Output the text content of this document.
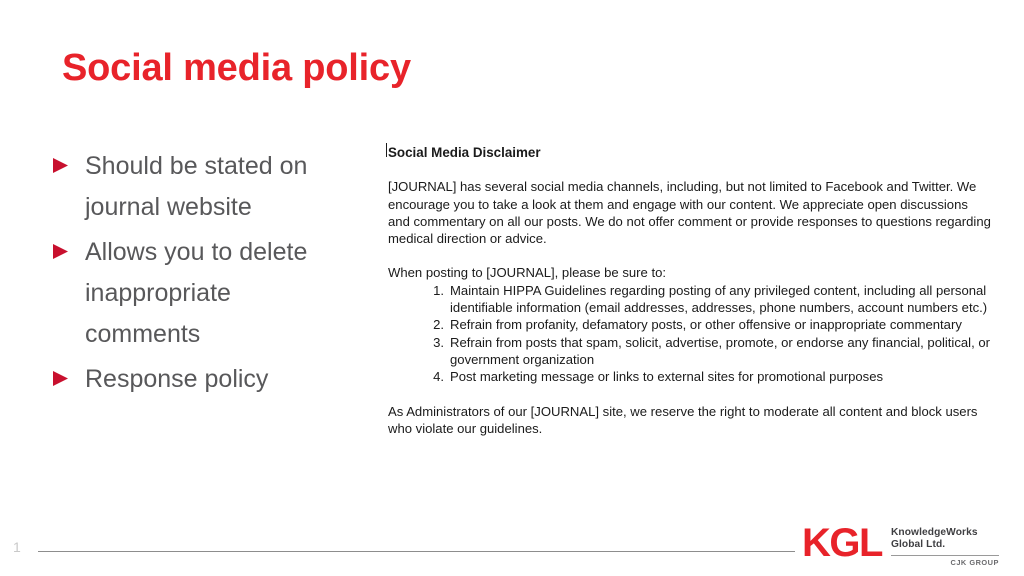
Social media policy
Should be stated on journal website
Allows you to delete inappropriate comments
Response policy
Social Media Disclaimer

[JOURNAL] has several social media channels, including, but not limited to Facebook and Twitter. We encourage you to take a look at them and engage with our content. We appreciate open discussions and commentary on all our posts. We do not offer comment or provide responses to questions regarding medical direction or advice.

When posting to [JOURNAL], please be sure to:

1. Maintain HIPPA Guidelines regarding posting of any privileged content, including all personal identifiable information (email addresses, addresses, phone numbers, account numbers etc.)
2. Refrain from profanity, defamatory posts, or other offensive or inappropriate commentary
3. Refrain from posts that spam, solicit, advertise, promote, or endorse any financial, political, or government organization
4. Post marketing message or links to external sites for promotional purposes

As Administrators of our [JOURNAL] site, we reserve the right to moderate all content and block users who violate our guidelines.

1	KGL KnowledgeWorks
Global Ltd.
CJK GROUP
